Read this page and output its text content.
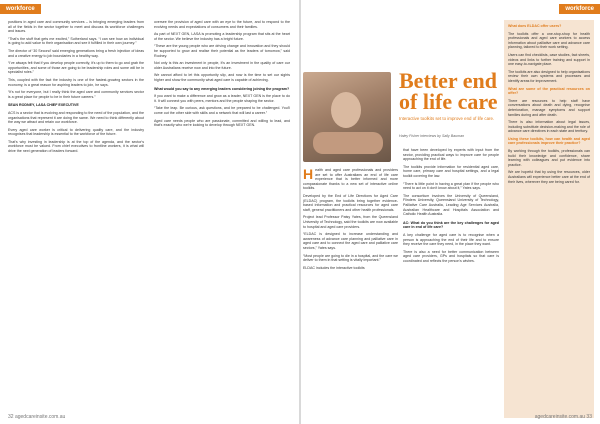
workforce

positions in aged care and community services – is bringing emerging leaders from all of the fields in the sector together to meet and discuss its workforce challenges and issues.

“That's the stuff that gets me excited,” Sutherland says. “I can see how an individual is going to add value to their organisation and see it fulfilled in their own journey.”

The director of ‘30 Second’ said emerging generations bring a fresh injection of ideas and a creative energy to job boundaries in a healthy way.

“I've always felt that if you develop people correctly, it's up to them to go and grab the opportunities, and some of those are going to be leadership roles and some will be in specialist roles.”

This, coupled with the fact the industry is one of the fastest-growing sectors in the economy, is a great reason for aspiring leaders to join, he says.

“It's not for everyone, but I really think the aged care and community services sector is a great place for people to be in their future careers.”

SEAN RODNEY, LASA CHIEF EXECUTIVE

ACS is a sector that is evolving and responding to the need of the population, and the organisations that represent it are doing the same. We need to think differently about the way we attract and retain our workforce.

Every aged care worker is critical to delivering quality care, and the industry recognises that leadership is essential to the workforce of the future.

That's why investing in leadership is at the top of the agenda, and the sector's workforce must be valued. From chief executives to frontline workers, it is what will drive the next generation of leaders forward.

oversee the provision of aged care with an eye to the future, and to respond to the evolving needs and expectations of consumers and their families.

As part of NEXT GEN, LASA is promoting a leadership program that sits at the heart of the sector. We believe the industry has a bright future.

“These are the young people who are driving change and innovation and they should be supported to grow and realise their potential as the leaders of tomorrow,” said Rodney.

Not only is this an investment in people, it's an investment in the quality of care our older Australians receive now and into the future.

We cannot afford to let this opportunity slip, and now is the time to set our sights higher and show the community what aged care is capable of achieving.

What would you say to any emerging leaders considering joining the program?

If you want to make a difference and grow as a leader, NEXT GEN is the place to do it. It will connect you with peers, mentors and the people shaping the sector.

“Take the leap. Be curious, ask questions, and be prepared to be challenged. You'll come out the other side with skills and a network that will last a career.”

Aged care needs people who are passionate, committed and willing to lead, and that's exactly who we're looking to develop through NEXT GEN.

32 agedcareinsite.com.au
workforce
Better end
of life care
Interactive toolkits set to improve end of life care.
Haley Fisher interviews by Sally Bauman

Health and aged care professionals and providers are set to offer Australians an end of life care experience that is better informed and more compassionate thanks to a new set of interactive online toolkits.

Developed by the End of Life Directions for Aged Care (ELDAC) program, the toolkits bring together evidence-based information and practical resources for aged care staff, general practitioners and other health professionals.

Project lead Professor Patsy Yates, from the Queensland University of Technology, said the toolkits are now available to hospital and aged care providers.

“ELDAC is designed to increase understanding and awareness of advance care planning and palliative care in aged care and to connect the aged care and palliative care sectors,” Yates says.

“Most people are going to die in a hospital, and the care we deliver to them in that setting is vitally important.”

ELDAC includes the interactive toolkits

that have been developed by experts with input from the sector, providing practical ways to improve care for people approaching the end of life.

The toolkits provide information for residential aged care, home care, primary care and hospital settings, and a legal toolkit covering the law.

“There is little point in having a great plan if the people who need to act on it don't know about it,” Yates says.

The consortium involves the University of Queensland, Flinders University, Queensland University of Technology, Palliative Care Australia, Leading Age Services Australia, Australian Healthcare and Hospitals Association and Catholic Health Australia.

AC: What do you think are the key challenges for aged care in end of life care?

A key challenge for aged care is to recognise when a person is approaching the end of their life and to ensure they receive the care they need, in the place they want.

There is also a need for better communication between aged care providers, GPs and hospitals so that care is coordinated and reflects the person's wishes.

What does ELDAC offer users?

The toolkits offer a one-stop-shop for health professionals and aged care workers to access information about palliative care and advance care planning, tailored to their work setting.

Users can find checklists, case studies, fact sheets, videos and links to further training and support in one easy-to-navigate place.

The toolkits are also designed to help organisations review their own systems and processes and identify areas for improvement.

What are some of the practical resources on offer?

There are resources to help staff have conversations about death and dying, recognise deterioration, manage symptoms and support families during and after death.

There is also information about legal issues, including substitute decision-making and the role of advance care directives in each state and territory.

Using these toolkits, how can health and aged care professionals improve their practice?

By working through the toolkits, professionals can build their knowledge and confidence, share learning with colleagues and put evidence into practice.

We are hopeful that by using the resources, older Australians will experience better care at the end of their lives, wherever they are being cared for.

agedcareinsite.com.au 33
